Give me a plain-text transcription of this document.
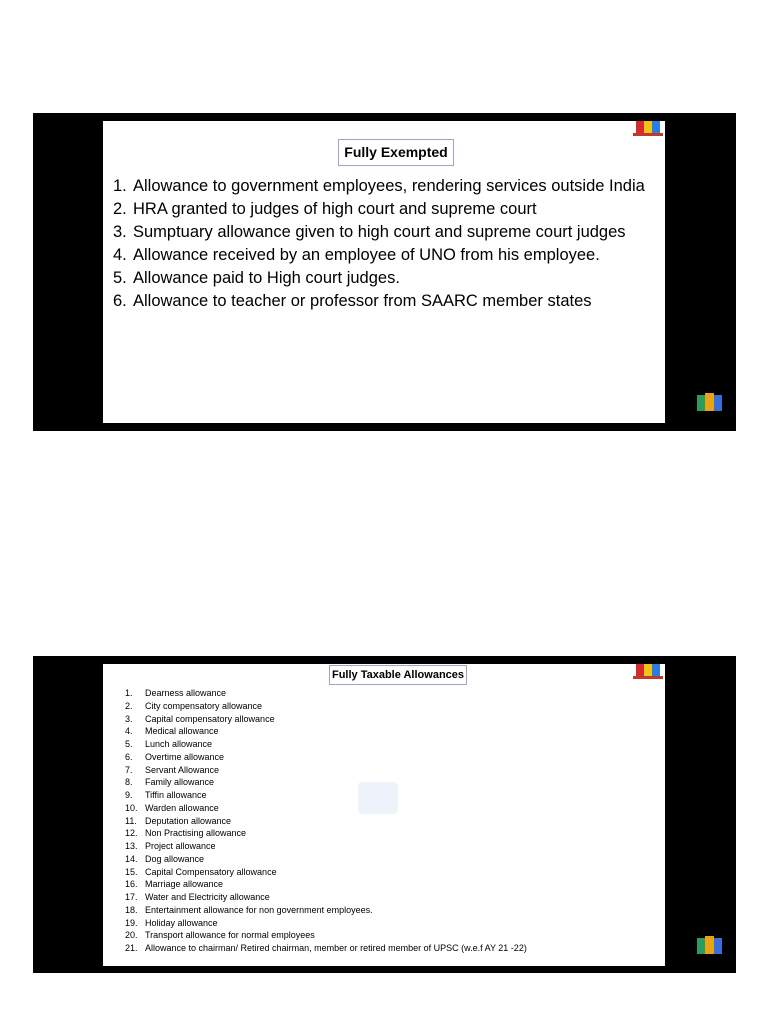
Fully Exempted
1. Allowance to government employees, rendering services outside India
2. HRA granted to judges of high court and supreme court
3. Sumptuary allowance given to high court and supreme court judges
4. Allowance received by an employee of UNO from his employee.
5. Allowance paid to High court judges.
6. Allowance to teacher or professor from SAARC member states
Fully Taxable Allowances
1. Dearness allowance
2. City compensatory allowance
3. Capital compensatory allowance
4. Medical allowance
5. Lunch allowance
6. Overtime allowance
7. Servant Allowance
8. Family allowance
9. Tiffin allowance
10. Warden allowance
11. Deputation allowance
12. Non Practising allowance
13. Project allowance
14. Dog allowance
15. Capital Compensatory allowance
16. Marriage allowance
17. Water and Electricity allowance
18. Entertainment allowance for non government employees.
19. Holiday allowance
20. Transport allowance for normal employees
21. Allowance to chairman/ Retired chairman, member or retired member of UPSC (w.e.f AY 21 -22)
